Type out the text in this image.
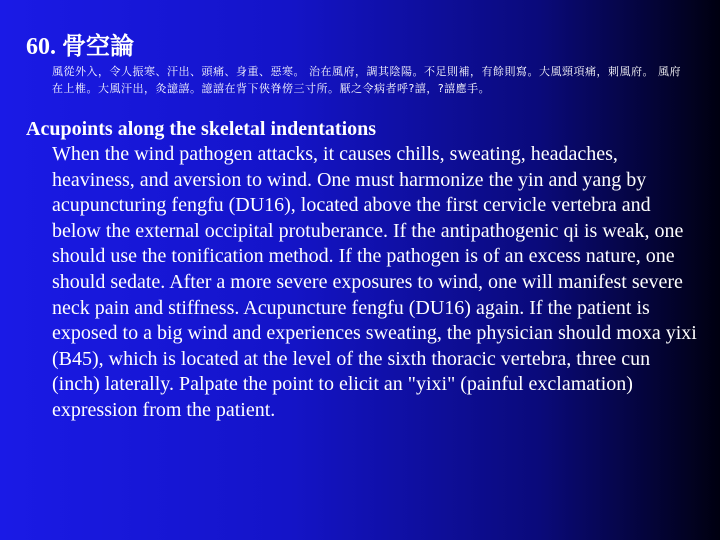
60. 骨空論
風從外入，令人振寒、汗出、頭痛、身重、惡寒。 治在風府，調其陰陽。不足則補，有餘則寫。大風頸項痛，刺風府。 風府在上椎。大風汗出，灸譩譆。譩譆在背下俠脊傍三寸所。厭之令病者呼?譆，?譆應手。
Acupoints along the skeletal indentations
When the wind pathogen attacks, it causes chills, sweating, headaches, heaviness, and aversion to wind. One must harmonize the yin and yang by acupuncturing fengfu (DU16), located above the first cervicle vertebra and below the external occipital protuberance. If the antipathogenic qi is weak, one should use the tonification method. If the pathogen is of an excess nature, one should sedate. After a more severe exposures to wind, one will manifest severe neck pain and stiffness. Acupuncture fengfu (DU16) again. If the patient is exposed to a big wind and experiences sweating, the physician should moxa yixi (B45), which is located at the level of the sixth thoracic vertebra, three cun (inch) laterally. Palpate the point to elicit an "yixi" (painful exclamation) expression from the patient.
